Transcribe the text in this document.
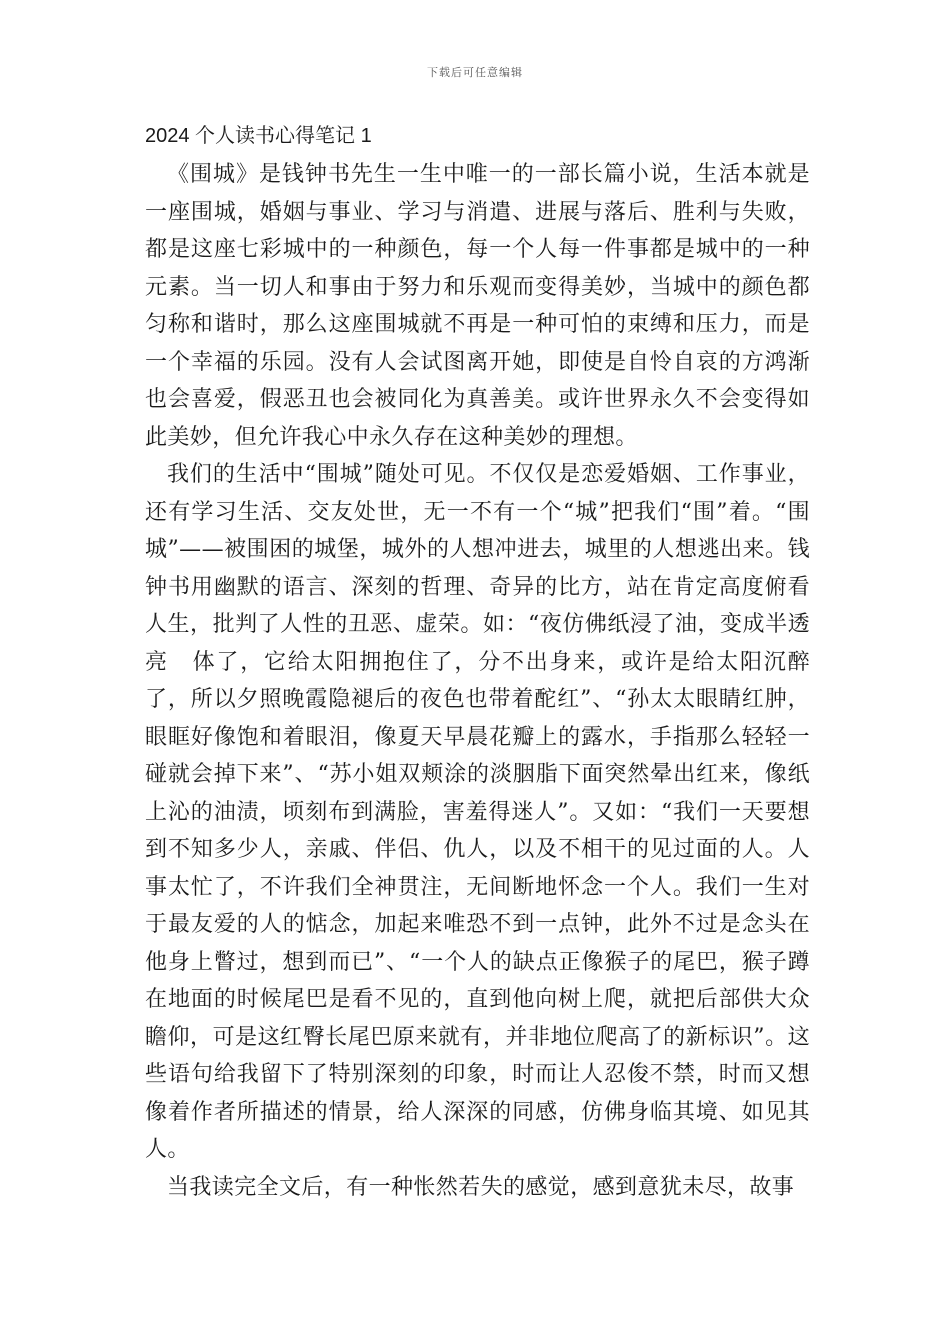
下载后可任意编辑
2024 个人读书心得笔记 1

《围城》是钱钟书先生一生中唯一的一部长篇小说，生活本就是一座围城，婚姻与事业、学习与消遣、进展与落后、胜利与失败，都是这座七彩城中的一种颜色，每一个人每一件事都是城中的一种元素。当一切人和事由于努力和乐观而变得美妙，当城中的颜色都匀称和谐时，那么这座围城就不再是一种可怕的束缚和压力，而是一个幸福的乐园。没有人会试图离开她，即使是自怜自哀的方鸿渐也会喜爱，假恶丑也会被同化为真善美。或许世界永久不会变得如此美妙，但允许我心中永久存在这种美妙的理想。

我们的生活中“围城”随处可见。不仅仅是恋爱婚姻、工作事业，还有学习生活、交友处世，无一不有一个“城”把我们“围”着。“围城”——被围困的城堡，城外的人想冲进去，城里的人想逃出来。钱钟书用幽默的语言、深刻的哲理、奇异的比方，站在肯定高度俯看人生，批判了人性的丑恶、虚荣。如：“夜仿佛纸浸了油，变成半透亮　体了，它给太阳拥抱住了，分不出身来，或许是给太阳沉醉了，所以夕照晚霞隐褪后的夜色也带着酡红”、“孙太太眼睛红肿，眼眶好像饱和着眼泪，像夏天早晨花瓣上的露水，手指那么轻轻一碰就会掉下来”、“苏小姐双颊涂的淡胭脂下面突然晕出红来，像纸上沁的油渍，顷刻布到满脸，害羞得迷人”。又如：“我们一天要想到不知多少人，亲戚、伴侣、仇人，以及不相干的见过面的人。人事太忙了，不许我们全神贯注，无间断地怀念一个人。我们一生对于最友爱的人的惦念，加起来唯恐不到一点钟，此外不过是念头在他身上瞥过，想到而已”、“一个人的缺点正像猴子的尾巴，猴子蹲在地面的时候尾巴是看不见的，直到他向树上爬，就把后部供大众瞻仰，可是这红臀长尾巴原来就有，并非地位爬高了的新标识”。这些语句给我留下了特别深刻的印象，时而让人忍俊不禁，时而又想像着作者所描述的情景，给人深深的同感，仿佛身临其境、如见其人。

当我读完全文后，有一种怅然若失的感觉，感到意犹未尽，故事
